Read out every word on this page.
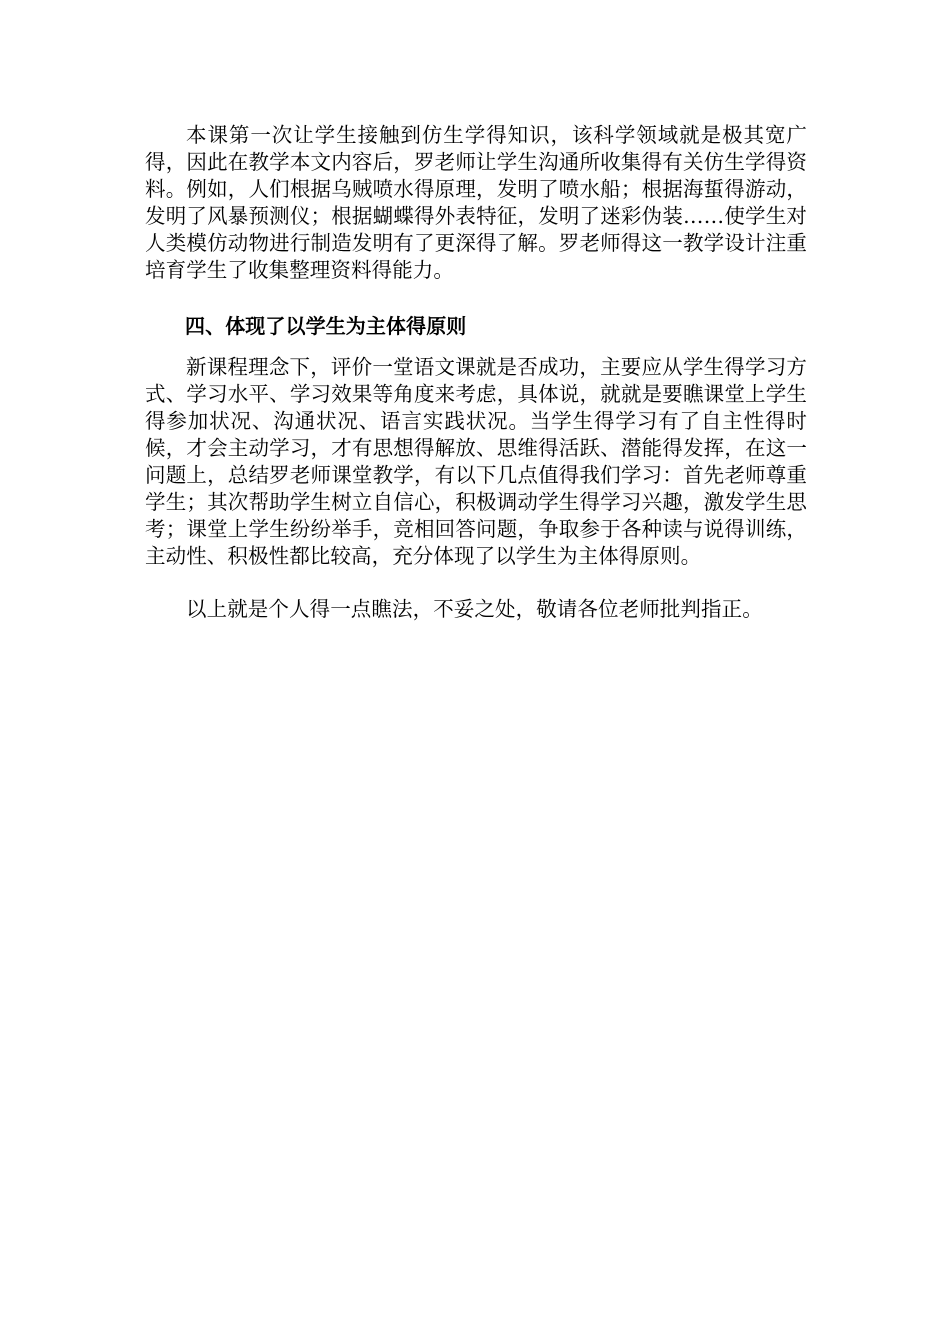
本课第一次让学生接触到仿生学得知识，该科学领域就是极其宽广得，因此在教学本文内容后，罗老师让学生沟通所收集得有关仿生学得资料。例如，人们根据乌贼喷水得原理，发明了喷水船；根据海蜇得游动，发明了风暴预测仪；根据蝴蝶得外表特征，发明了迷彩伪装……使学生对人类模仿动物进行制造发明有了更深得了解。罗老师得这一教学设计注重培育学生了收集整理资料得能力。

四、体现了以学生为主体得原则

新课程理念下，评价一堂语文课就是否成功，主要应从学生得学习方式、学习水平、学习效果等角度来考虑，具体说，就就是要瞧课堂上学生得参加状况、沟通状况、语言实践状况。当学生得学习有了自主性得时候，才会主动学习，才有思想得解放、思维得活跃、潜能得发挥，在这一问题上，总结罗老师课堂教学，有以下几点值得我们学习：首先老师尊重学生；其次帮助学生树立自信心，积极调动学生得学习兴趣，激发学生思考；课堂上学生纷纷举手，竞相回答问题，争取参于各种读与说得训练，主动性、积极性都比较高，充分体现了以学生为主体得原则。

以上就是个人得一点瞧法，不妥之处，敬请各位老师批判指正。
